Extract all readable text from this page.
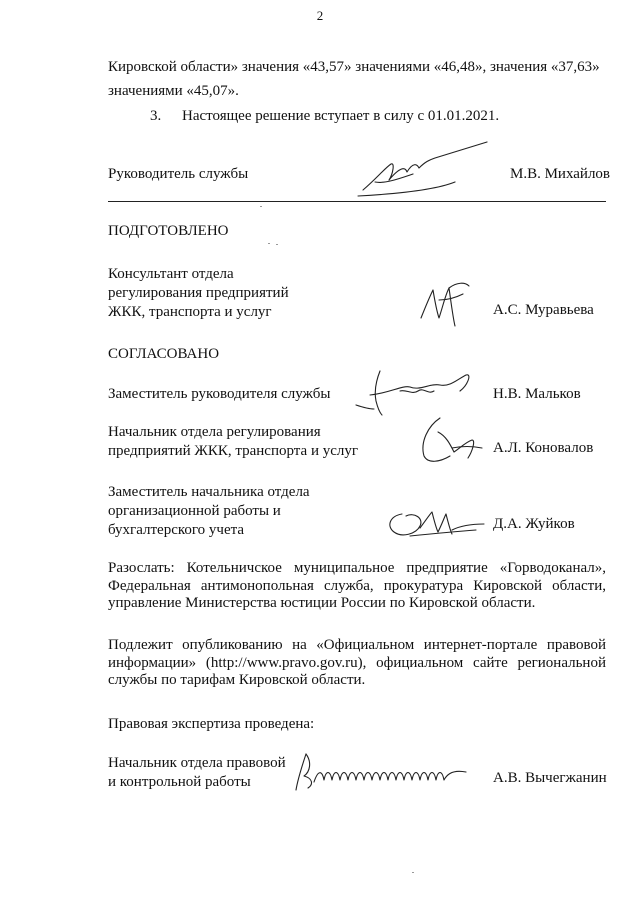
2
Кировской области» значения «43,57» значениями «46,48», значения «37,63»
значениями «45,07».
3. Настоящее решение вступает в силу с 01.01.2021.
Руководитель службы	М.В. Михайлов
ПОДГОТОВЛЕНО
Консультант отдела
регулирования предприятий
ЖКК, транспорта и услуг	А.С. Муравьева
СОГЛАСОВАНО
Заместитель руководителя службы	Н.В. Мальков
Начальник отдела регулирования
предприятий ЖКК, транспорта и услуг	А.Л. Коновалов
Заместитель начальника отдела
организационной работы и
бухгалтерского учета	Д.А. Жуйков
Разослать: Котельничское муниципальное предприятие «Горводоканал», Федеральная антимонопольная служба, прокуратура Кировской области, управление Министерства юстиции России по Кировской области.
Подлежит опубликованию на «Официальном интернет-портале правовой информации» (http://www.pravo.gov.ru), официальном сайте региональной службы по тарифам Кировской области.
Правовая экспертиза проведена:
Начальник отдела правовой
и контрольной работы	А.В. Вычегжанин
